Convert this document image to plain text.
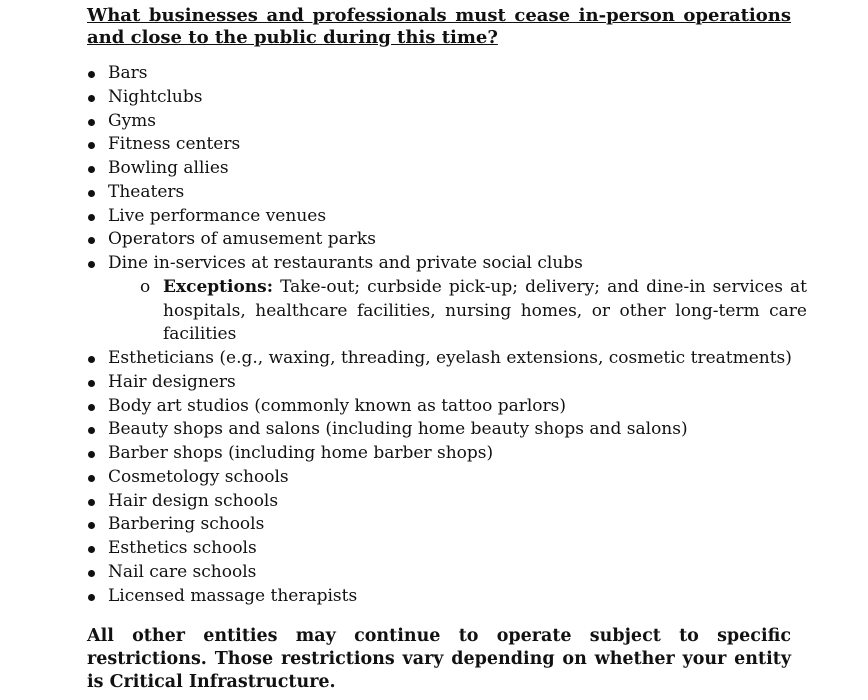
What businesses and professionals must cease in-person operations and close to the public during this time?

Bars
Nightclubs
Gyms
Fitness centers
Bowling allies
Theaters
Live performance venues
Operators of amusement parks
Dine in-services at restaurants and private social clubs
o Exceptions: Take-out; curbside pick-up; delivery; and dine-in services at hospitals, healthcare facilities, nursing homes, or other long-term care facilities
Estheticians (e.g., waxing, threading, eyelash extensions, cosmetic treatments)
Hair designers
Body art studios (commonly known as tattoo parlors)
Beauty shops and salons (including home beauty shops and salons)
Barber shops (including home barber shops)
Cosmetology schools
Hair design schools
Barbering schools
Esthetics schools
Nail care schools
Licensed massage therapists

All other entities may continue to operate subject to specific restrictions. Those restrictions vary depending on whether your entity is Critical Infrastructure.
